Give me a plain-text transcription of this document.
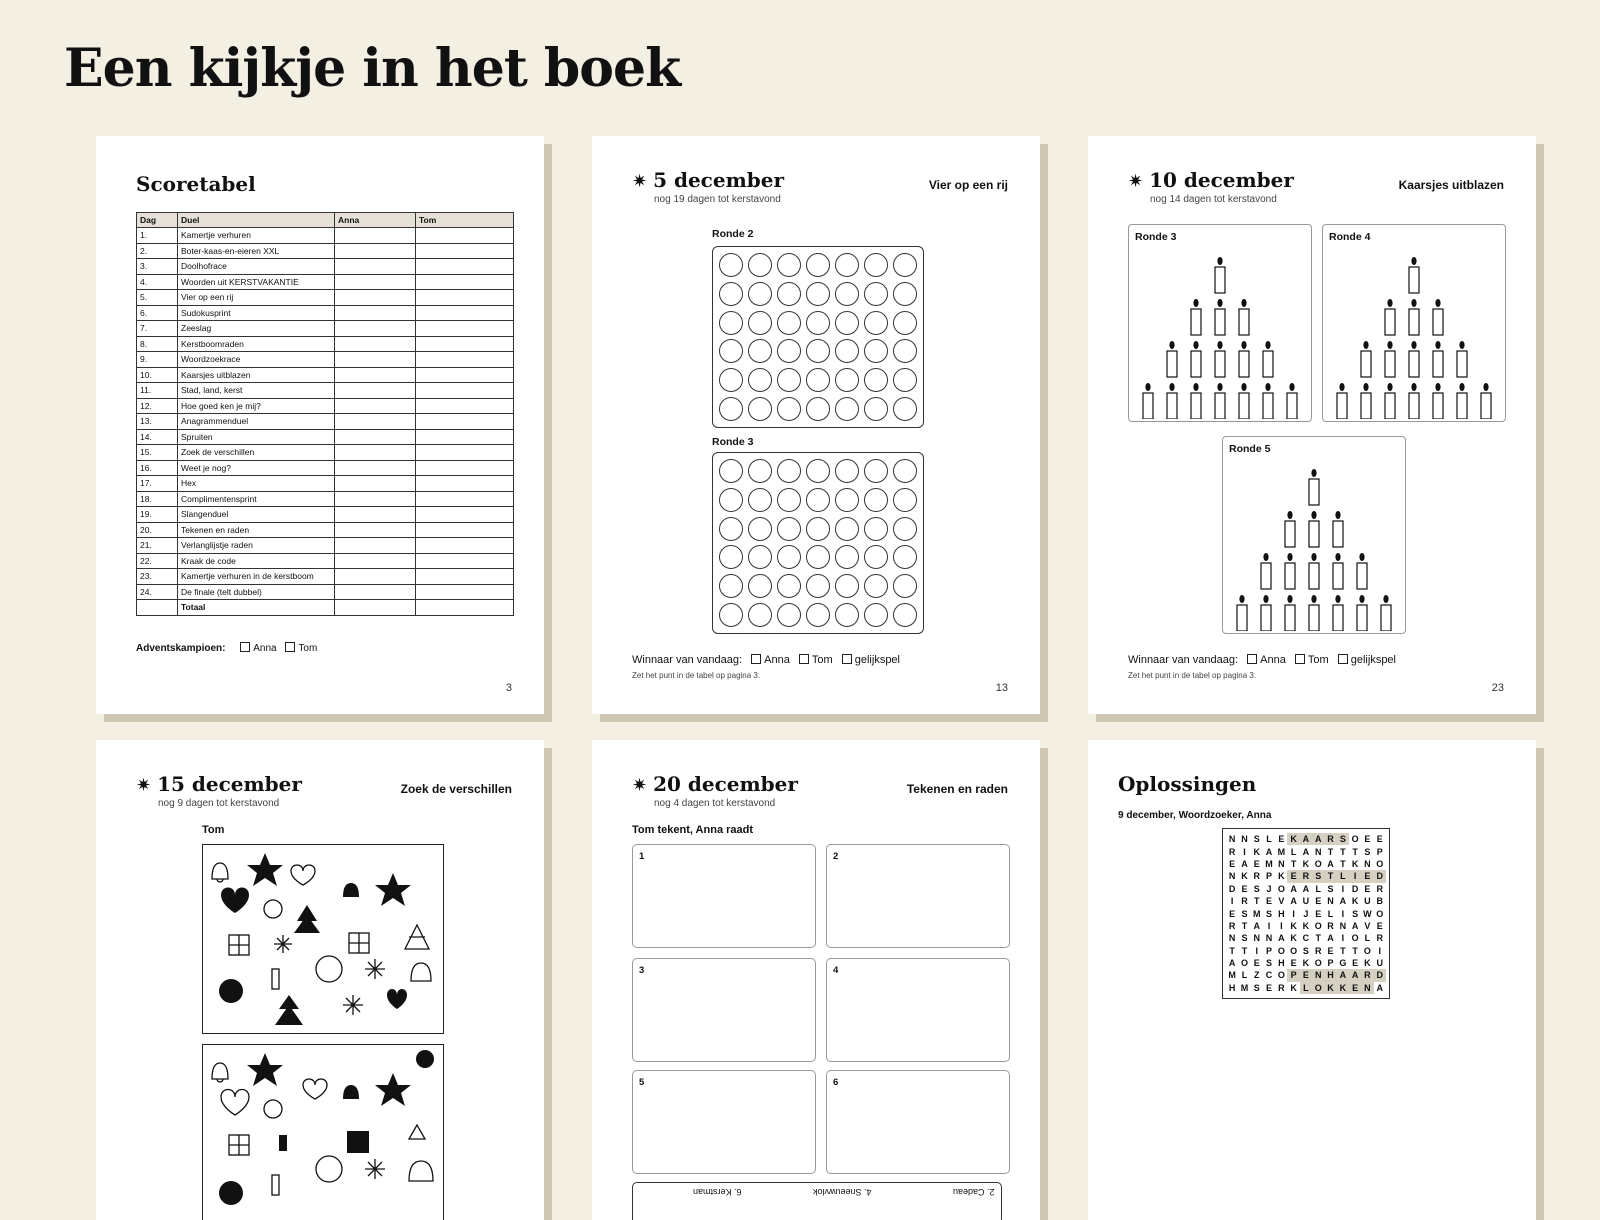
Een kijkje in het boek
Scoretabel
Dag	Duel	Anna	Tom
1.	Kamertje verhuren		
2.	Boter-kaas-en-eieren XXL		
3.	Doolhofrace		
4.	Woorden uit KERSTVAKANTIE		
5.	Vier op een rij		
6.	Sudokusprint		
7.	Zeeslag		
8.	Kerstboomraden		
9.	Woordzoekrace		
10.	Kaarsjes uitblazen		
11.	Stad, land, kerst		
12.	Hoe goed ken je mij?		
13.	Anagrammenduel		
14.	Spruiten		
15.	Zoek de verschillen		
16.	Weet je nog?		
17.	Hex		
18.	Complimentensprint		
19.	Slangenduel		
20.	Tekenen en raden		
21.	Verlanglijstje raden		
22.	Kraak de code		
23.	Kamertje verhuren in de kerstboom		
24.	De finale (telt dubbel)		
	Totaal		
Adventskampioen:	Anna Tom
3
✷ 5 december
nog 19 dagen tot kerstavond
Vier op een rij
Ronde 2
Ronde 3
Winnaar van vandaag: Anna Tom gelijkspel
Zet het punt in de tabel op pagina 3.
13
✷ 10 december
nog 14 dagen tot kerstavond
Kaarsjes uitblazen
Ronde 3	Ronde 4
Ronde 5
Winnaar van vandaag: Anna Tom gelijkspel
Zet het punt in de tabel op pagina 3.
23
✷ 15 december
nog 9 dagen tot kerstavond
Zoek de verschillen
Tom
✷ 20 december
nog 4 dagen tot kerstavond
Tekenen en raden
Tom tekent, Anna raadt
1	2
3	4
5	6
6. Kerstman	4. Sneeuwvlok	2. Cadeau
Oplossingen
9 december, Woordzoeker, Anna
N N S L E K A A R S O E E
R I K A M L A N T T T S P
E A E M N T K O A T K N O
N K R P K E R S T L I E D
D E S J O A A L S I D E R
I R T E V A U E N A K U B
E S M S H I J E L I S W O
R T A I	I K K O R N A V E
N S N N A K C T A I O L R
T T I P O O S R E T T O I
A O E S H E K O P G E K U
M L Z C O P E N H A A R D
H M S E R K L O K K E N A
